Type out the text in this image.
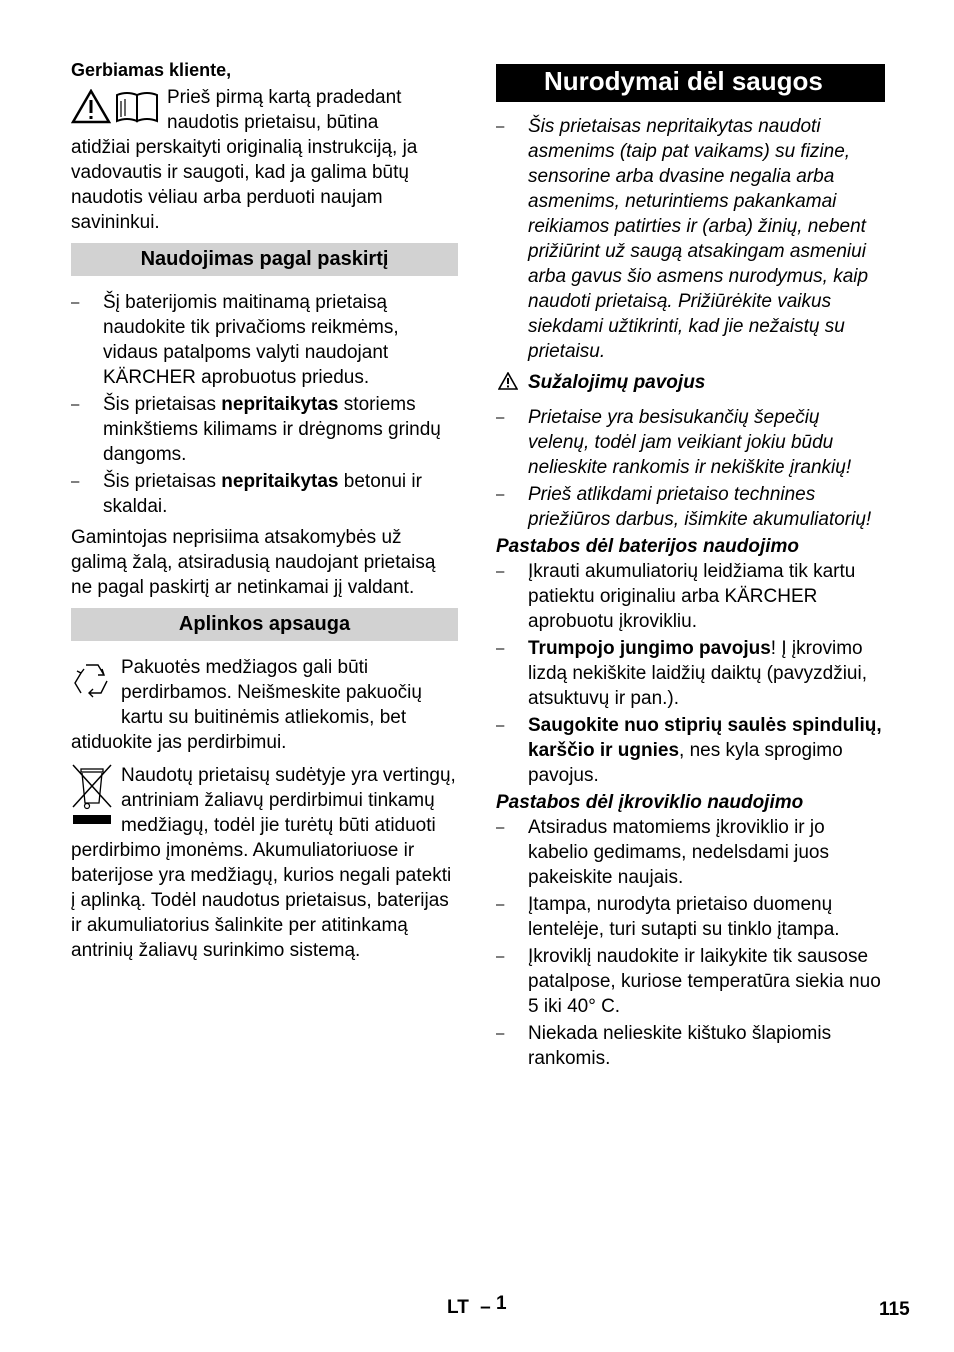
Gerbiamas kliente,

Prieš pirmą kartą pradedant

naudotis prietaisu, būtina

atidžiai perskaityti originalią instrukciją, ja

vadovautis ir saugoti, kad ja galima būtų

naudotis vėliau arba perduoti naujam

savininkui.

Naudojimas pagal paskirtį
– Šį baterijomis maitinamą prietaisą naudokite tik privačioms reikmėms, vidaus patalpoms valyti naudojant KÄRCHER aprobuotus priedus.
– Šis prietaisas nepritaikytas storiems minkštiems kilimams ir drėgnoms grindų dangoms.
– Šis prietaisas nepritaikytas betonui ir skaldai.

Gamintojas neprisiima atsakomybės už galimą žalą, atsiradusią naudojant prietaisą ne pagal paskirtį ar netinkamai jį valdant.

Aplinkos apsauga
Pakuotės medžiagos gali būti perdirbamos. Neišmeskite pakuočių kartu su buitinėmis atliekomis, bet atiduokite jas perdirbimui.
Naudotų prietaisų sudėtyje yra vertingų, antriniam žaliavų perdirbimui tinkamų medžiagų, todėl jie turėtų būti atiduoti perdirbimo įmonėms. Akumuliatoriuose ir baterijose yra medžiagų, kurios negali patekti į aplinką. Todėl naudotus prietaisus, baterijas ir akumuliatorius šalinkite per atitinkamą antrinių žaliavų surinkimo sistemą.
Nurodymai dėl saugos
– Šis prietaisas nepritaikytas naudoti asmenims (taip pat vaikams) su fizine, sensorine arba dvasine negalia arba asmenims, neturintiems pakankamai reikiamos patirties ir (arba) žinių, nebent prižiūrint už saugą atsakingam asmeniui arba gavus šio asmens nurodymus, kaip naudoti prietaisą. Prižiūrėkite vaikus siekdami užtikrinti, kad jie nežaistų su prietaisu.
Sužalojimų pavojus
– Prietaise yra besisukančių šepečių velenų, todėl jam veikiant jokiu būdu nelieskite rankomis ir nekiškite įrankių!
– Prieš atlikdami prietaiso technines priežiūros darbus, išimkite akumuliatorių!

Pastabos dėl baterijos naudojimo

– Įkrauti akumuliatorių leidžiama tik kartu patiektu originaliu arba KÄRCHER aprobuotu įkrovikliu.
– Trumpojo jungimo pavojus! Į įkrovimo lizdą nekiškite laidžių daiktų (pavyzdžiui, atsuktuvų ir pan.).
– Saugokite nuo stiprių saulės spindulių, karščio ir ugnies, nes kyla sprogimo pavojus.

Pastabos dėl įkroviklio naudojimo

– Atsiradus matomiems įkroviklio ir jo kabelio gedimams, nedelsdami juos pakeiskite naujais.
– Įtampa, nurodyta prietaiso duomenų lentelėje, turi sutapti su tinklo įtampa.
– Įkroviklį naudokite ir laikykite tik sausose patalpose, kuriose temperatūra siekia nuo 5 iki 40° C.
– Niekada nelieskite kištuko šlapiomis rankomis.
LT – 1	115
